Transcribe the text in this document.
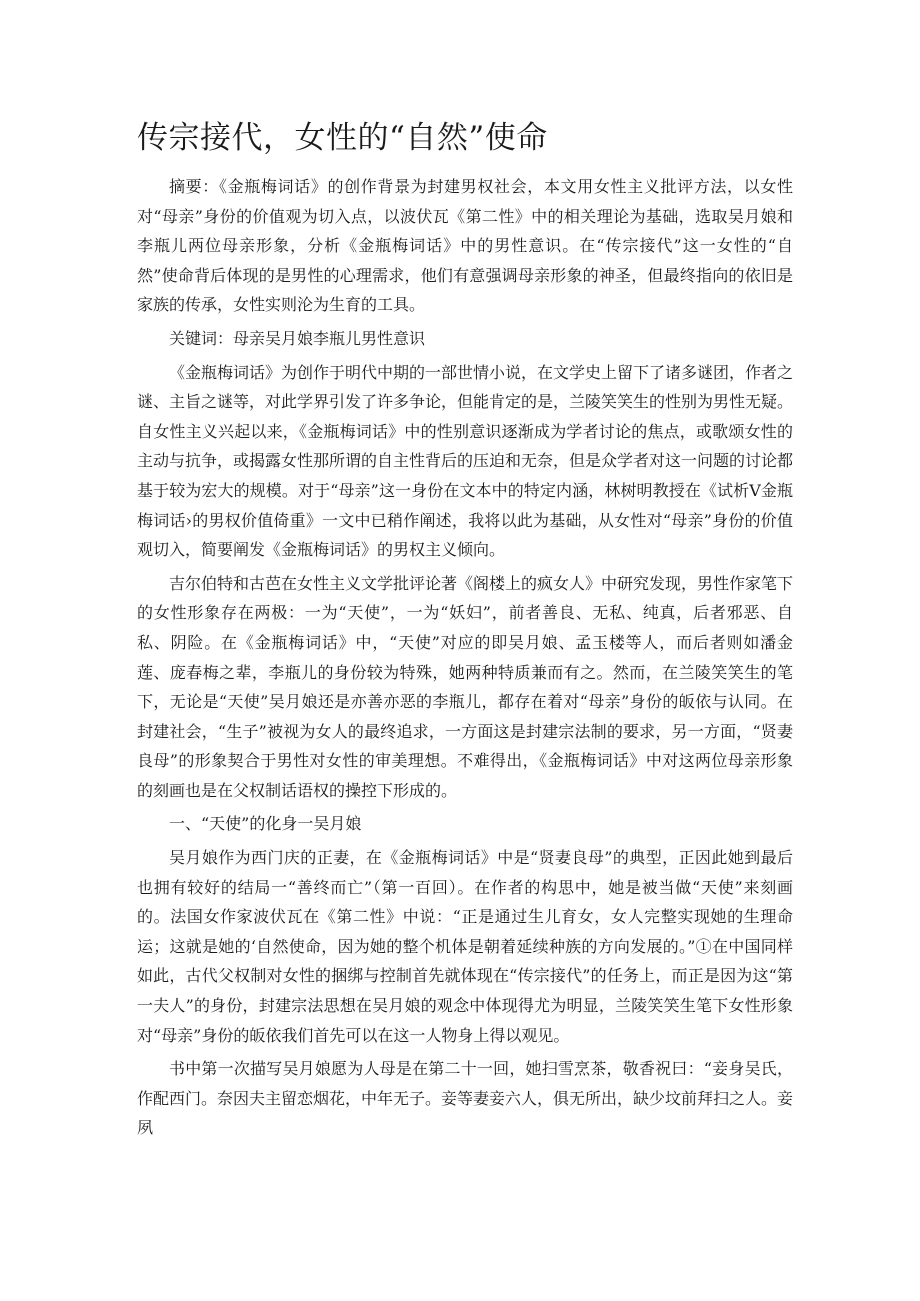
传宗接代，女性的“自然”使命

摘要：《金瓶梅词话》的创作背景为封建男权社会，本文用女性主义批评方法，以女性对“母亲”身份的价值观为切入点，以波伏瓦《第二性》中的相关理论为基础，选取吴月娘和李瓶儿两位母亲形象，分析《金瓶梅词话》中的男性意识。在“传宗接代”这一女性的“自然”使命背后体现的是男性的心理需求，他们有意强调母亲形象的神圣，但最终指向的依旧是家族的传承，女性实则沦为生育的工具。

关键词：母亲吴月娘李瓶儿男性意识

《金瓶梅词话》为创作于明代中期的一部世情小说，在文学史上留下了诸多谜团，作者之谜、主旨之谜等，对此学界引发了许多争论，但能肯定的是，兰陵笑笑生的性别为男性无疑。自女性主义兴起以来，《金瓶梅词话》中的性别意识逐渐成为学者讨论的焦点，或歌颂女性的主动与抗争，或揭露女性那所谓的自主性背后的压迫和无奈，但是众学者对这一问题的讨论都基于较为宏大的规模。对于“母亲”这一身份在文本中的特定内涵，林树明教授在《试析V金瓶梅词话›的男权价值倚重》一文中已稍作阐述，我将以此为基础，从女性对“母亲”身份的价值观切入，简要阐发《金瓶梅词话》的男权主义倾向。

吉尔伯特和古芭在女性主义文学批评论著《阁楼上的疯女人》中研究发现，男性作家笔下的女性形象存在两极：一为“天使”，一为“妖妇”，前者善良、无私、纯真，后者邪恶、自私、阴险。在《金瓶梅词话》中，“天使”对应的即吴月娘、孟玉楼等人，而后者则如潘金莲、庞春梅之辈，李瓶儿的身份较为特殊，她两种特质兼而有之。然而，在兰陵笑笑生的笔下，无论是“天使”吴月娘还是亦善亦恶的李瓶儿，都存在着对“母亲”身份的皈依与认同。在封建社会，“生子”被视为女人的最终追求，一方面这是封建宗法制的要求，另一方面，“贤妻良母”的形象契合于男性对女性的审美理想。不难得出，《金瓶梅词话》中对这两位母亲形象的刻画也是在父权制话语权的操控下形成的。

一、“天使”的化身一吴月娘

吴月娘作为西门庆的正妻，在《金瓶梅词话》中是“贤妻良母”的典型，正因此她到最后也拥有较好的结局一“善终而亡”（第一百回）。在作者的构思中，她是被当做“天使”来刻画的。法国女作家波伏瓦在《第二性》中说：“正是通过生儿育女，女人完整实现她的生理命运；这就是她的‘自然使命，因为她的整个机体是朝着延续种族的方向发展的。”①在中国同样如此，古代父权制对女性的捆绑与控制首先就体现在“传宗接代”的任务上，而正是因为这“第一夫人”的身份，封建宗法思想在吴月娘的观念中体现得尤为明显，兰陵笑笑生笔下女性形象对“母亲”身份的皈依我们首先可以在这一人物身上得以观见。

书中第一次描写吴月娘愿为人母是在第二十一回，她扫雪烹茶，敬香祝曰：“妾身吴氏，作配西门。奈因夫主留恋烟花，中年无子。妾等妻妾六人，俱无所出，缺少坟前拜扫之人。妾夙
